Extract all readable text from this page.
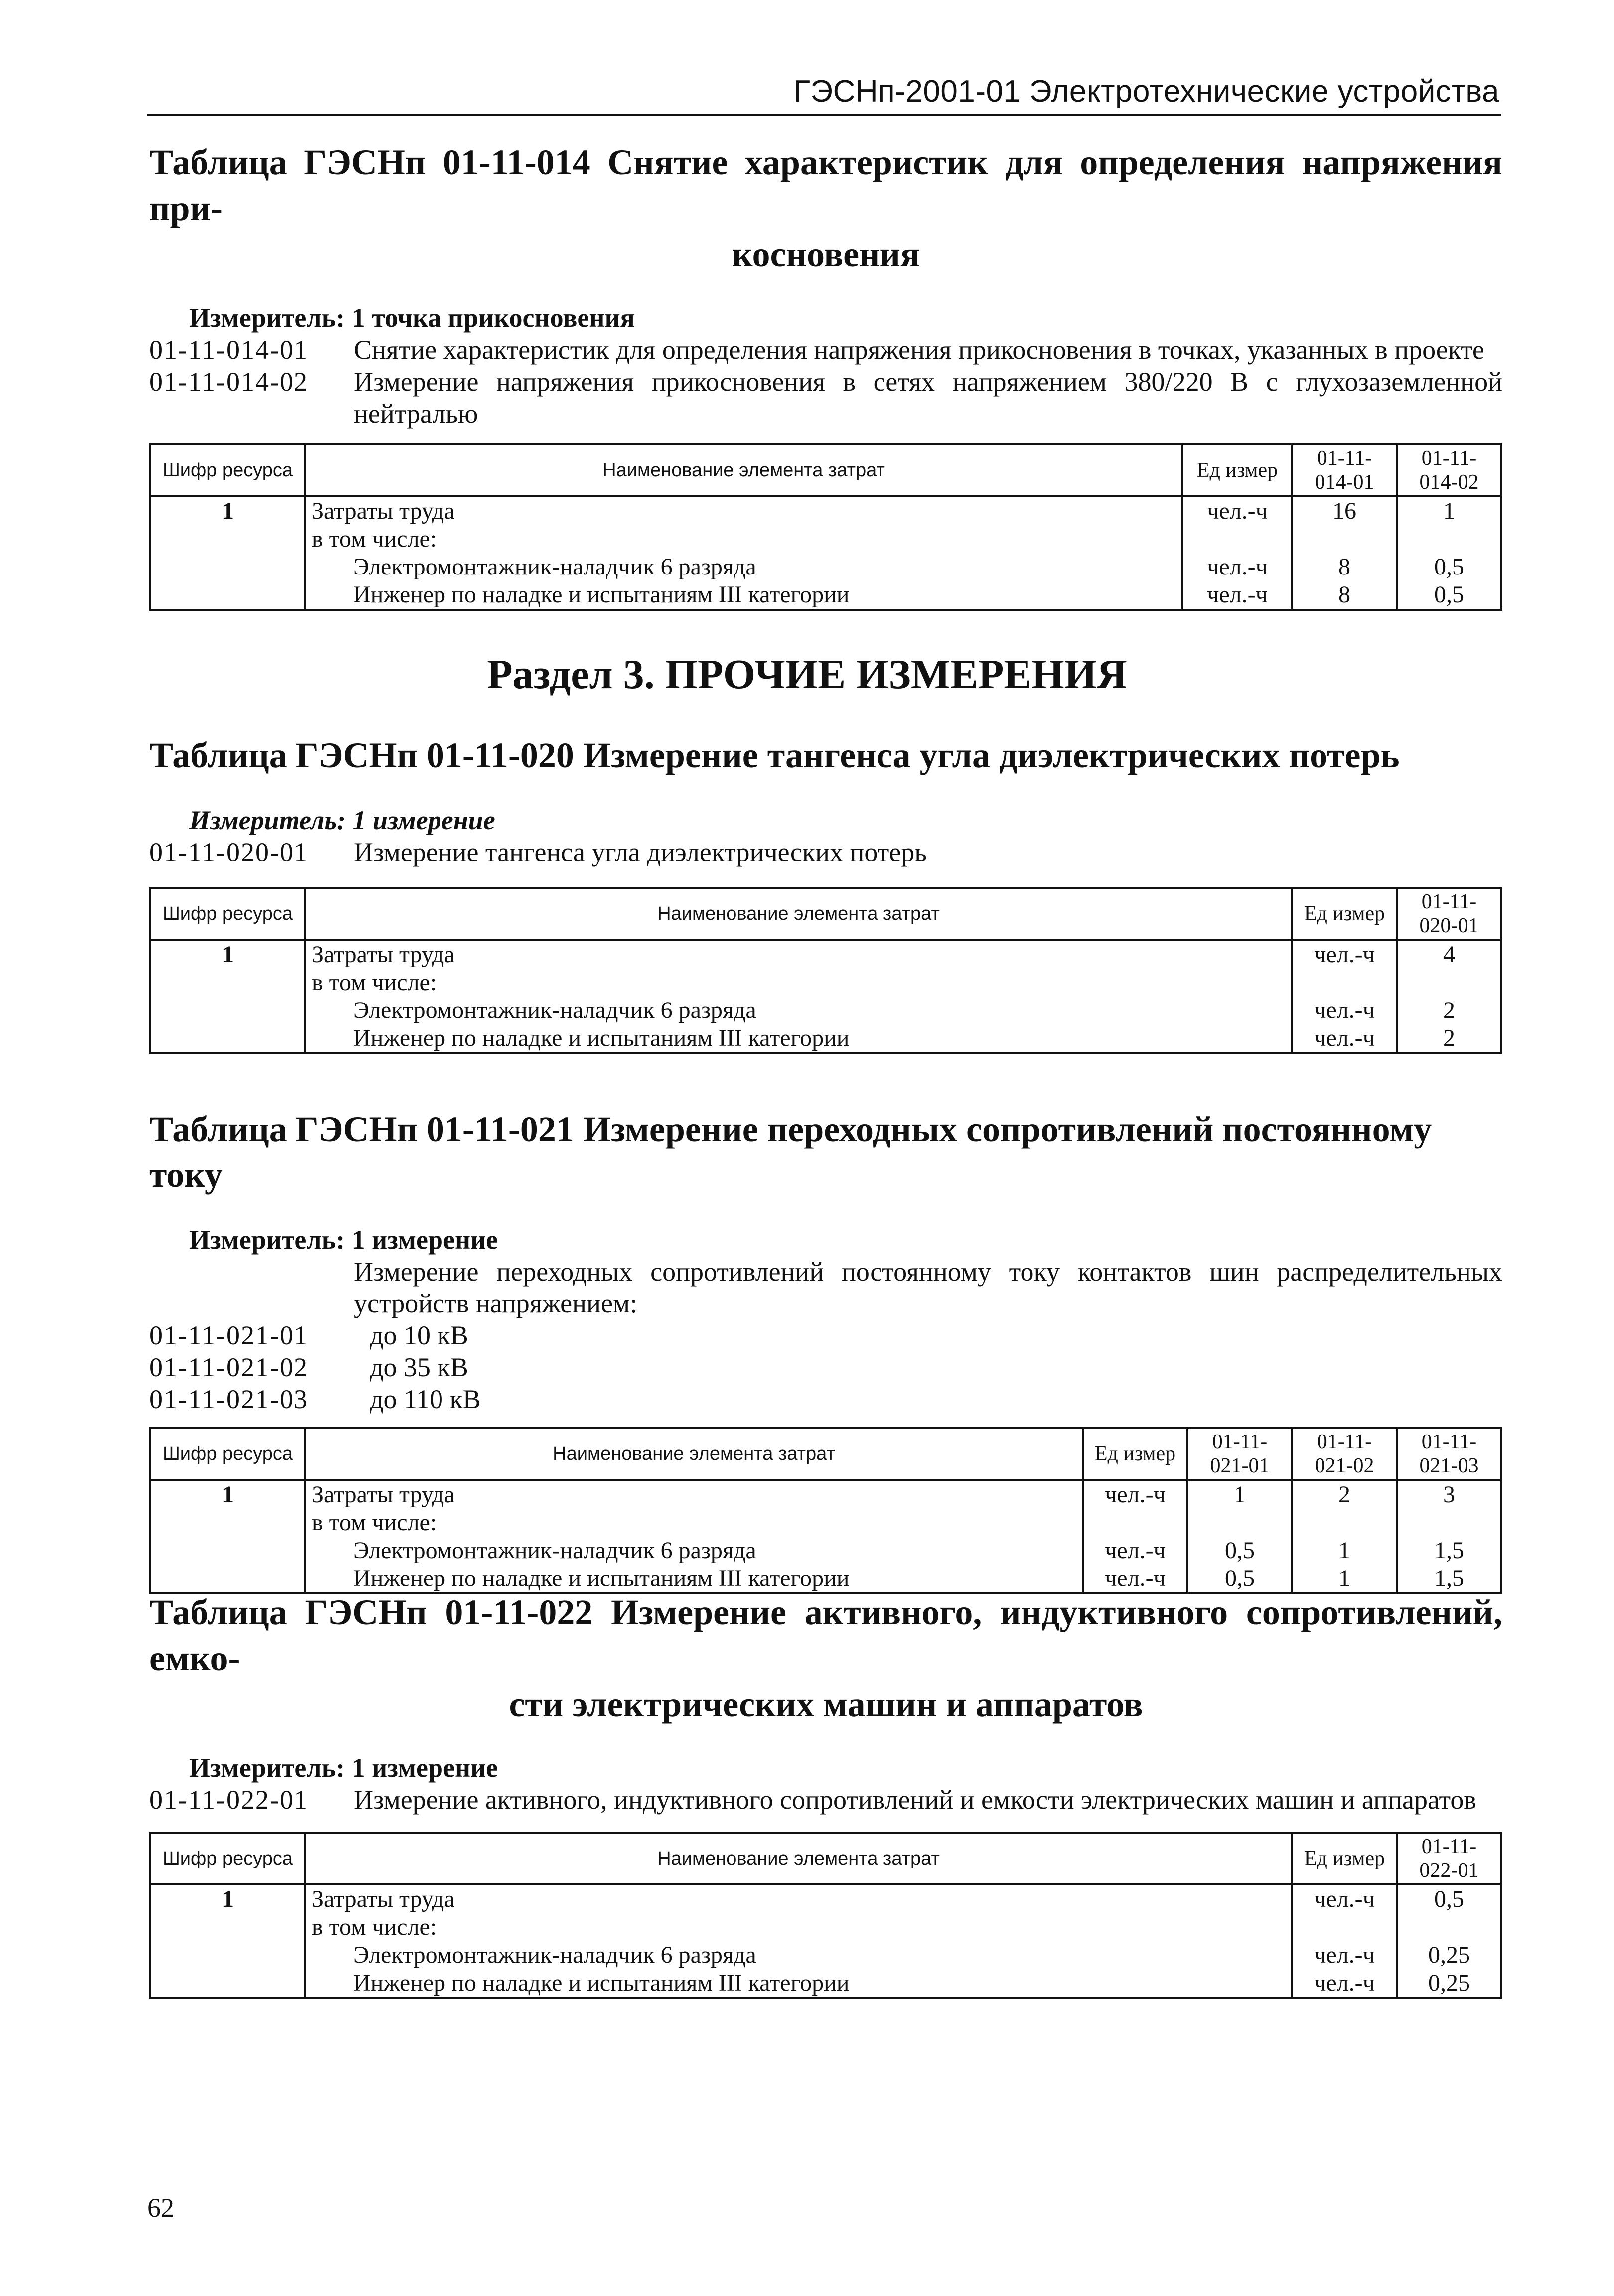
ГЭСНп-2001-01 Электротехнические устройства
Таблица ГЭСНп 01-11-014 Снятие характеристик для определения напряжения при-
косновения

Измеритель: 1 точка прикосновения

01-11-014-01	Снятие характеристик для определения напряжения прикосновения в точках, указанных в проекте
01-11-014-02	Измерение напряжения прикосновения в сетях напряжением 380/220 В с глухозаземленной нейтралью
Шифр ресурса	Наименование элемента затрат	Ед измер	01-11-014-01	01-11-014-02
1	Затраты труда	чел.-ч	16	1
	в том числе:			
	Электромонтажник-наладчик 6 разряда	чел.-ч	8	0,5
	Инженер по наладке и испытаниям III категории	чел.-ч	8	0,5
Раздел 3. ПРОЧИЕ ИЗМЕРЕНИЯ
Таблица ГЭСНп 01-11-020 Измерение тангенса угла диэлектрических потерь

Измеритель: 1 измерение

01-11-020-01	Измерение тангенса угла диэлектрических потерь
Шифр ресурса	Наименование элемента затрат	Ед измер	01-11-020-01
1	Затраты труда	чел.-ч	4
	в том числе:		
	Электромонтажник-наладчик 6 разряда	чел.-ч	2
	Инженер по наладке и испытаниям III категории	чел.-ч	2
Таблица ГЭСНп 01-11-021 Измерение переходных сопротивлений постоянному току

Измеритель: 1 измерение

Измерение переходных сопротивлений постоянному току контактов шин распределительных устройств напряжением:
01-11-021-01	до 10 кВ
01-11-021-02	до 35 кВ
01-11-021-03	до 110 кВ
Шифр ресурса	Наименование элемента затрат	Ед измер	01-11-021-01	01-11-021-02	01-11-021-03
1	Затраты труда	чел.-ч	1	2	3
	в том числе:				
	Электромонтажник-наладчик 6 разряда	чел.-ч	0,5	1	1,5
	Инженер по наладке и испытаниям III категории	чел.-ч	0,5	1	1,5
Таблица ГЭСНп 01-11-022 Измерение активного, индуктивного сопротивлений, емко-
сти электрических машин и аппаратов

Измеритель: 1 измерение

01-11-022-01	Измерение активного, индуктивного сопротивлений и емкости электрических машин и аппаратов
Шифр ресурса	Наименование элемента затрат	Ед измер	01-11-022-01
1	Затраты труда	чел.-ч	0,5
	в том числе:		
	Электромонтажник-наладчик 6 разряда	чел.-ч	0,25
	Инженер по наладке и испытаниям III категории	чел.-ч	0,25
62
